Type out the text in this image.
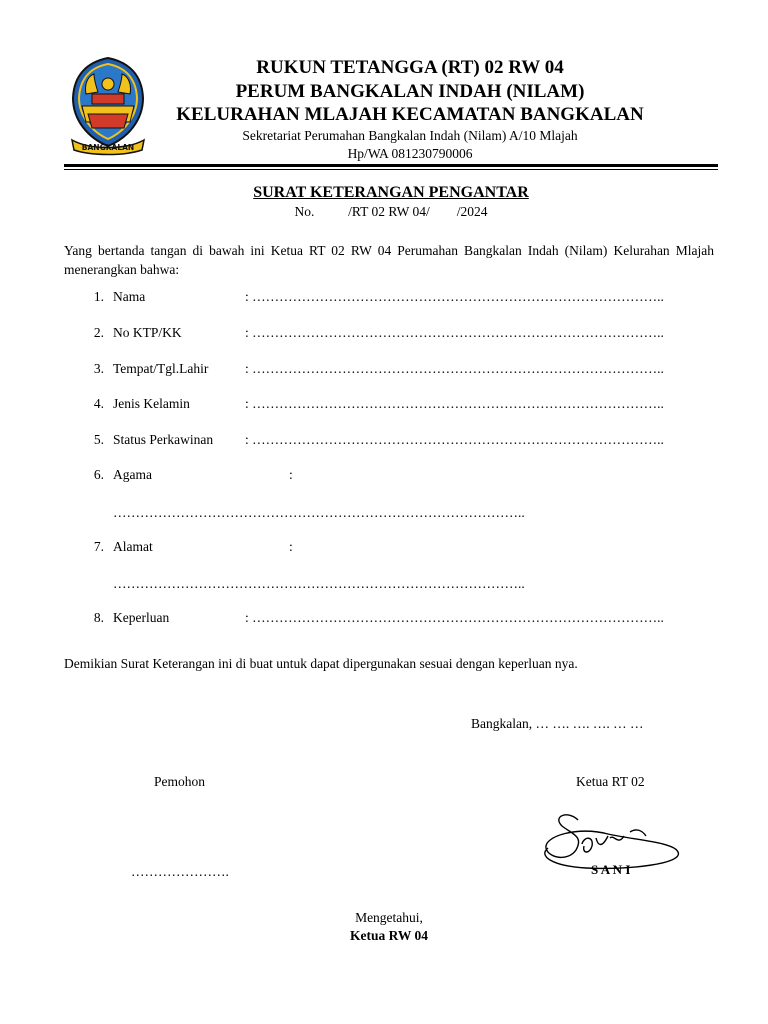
BANGKALAN
RUKUN TETANGGA (RT) 02 RW 04
PERUM BANGKALAN INDAH (NILAM)
KELURAHAN MLAJAH KECAMATAN BANGKALAN
Sekretariat Perumahan Bangkalan Indah (Nilam) A/10 Mlajah
Hp/WA 081230790006
SURAT KETERANGAN PENGANTAR
No.          /RT 02 RW 04/        /2024
Yang bertanda tangan di bawah ini Ketua RT 02 RW 04 Perumahan Bangkalan Indah (Nilam) Kelurahan Mlajah menerangkan bahwa:
1. Nama	: ………………………………………………………………………………..
2. No KTP/KK	: ………………………………………………………………………………..
3. Tempat/Tgl.Lahir	: ………………………………………………………………………………..
4. Jenis Kelamin	: ………………………………………………………………………………..
5. Status Perkawinan : ………………………………………………………………………………..
6. Agama	:
………………………………………………………………………………..
7. Alamat	:
………………………………………………………………………………..
8. Keperluan	: ………………………………………………………………………………..
Demikian Surat Keterangan ini di buat untuk dapat dipergunakan sesuai dengan keperluan nya.
Bangkalan, … …. …. …. … …
Pemohon	Ketua RT 02
S A N I
………………….
Mengetahui,
Ketua RW 04
